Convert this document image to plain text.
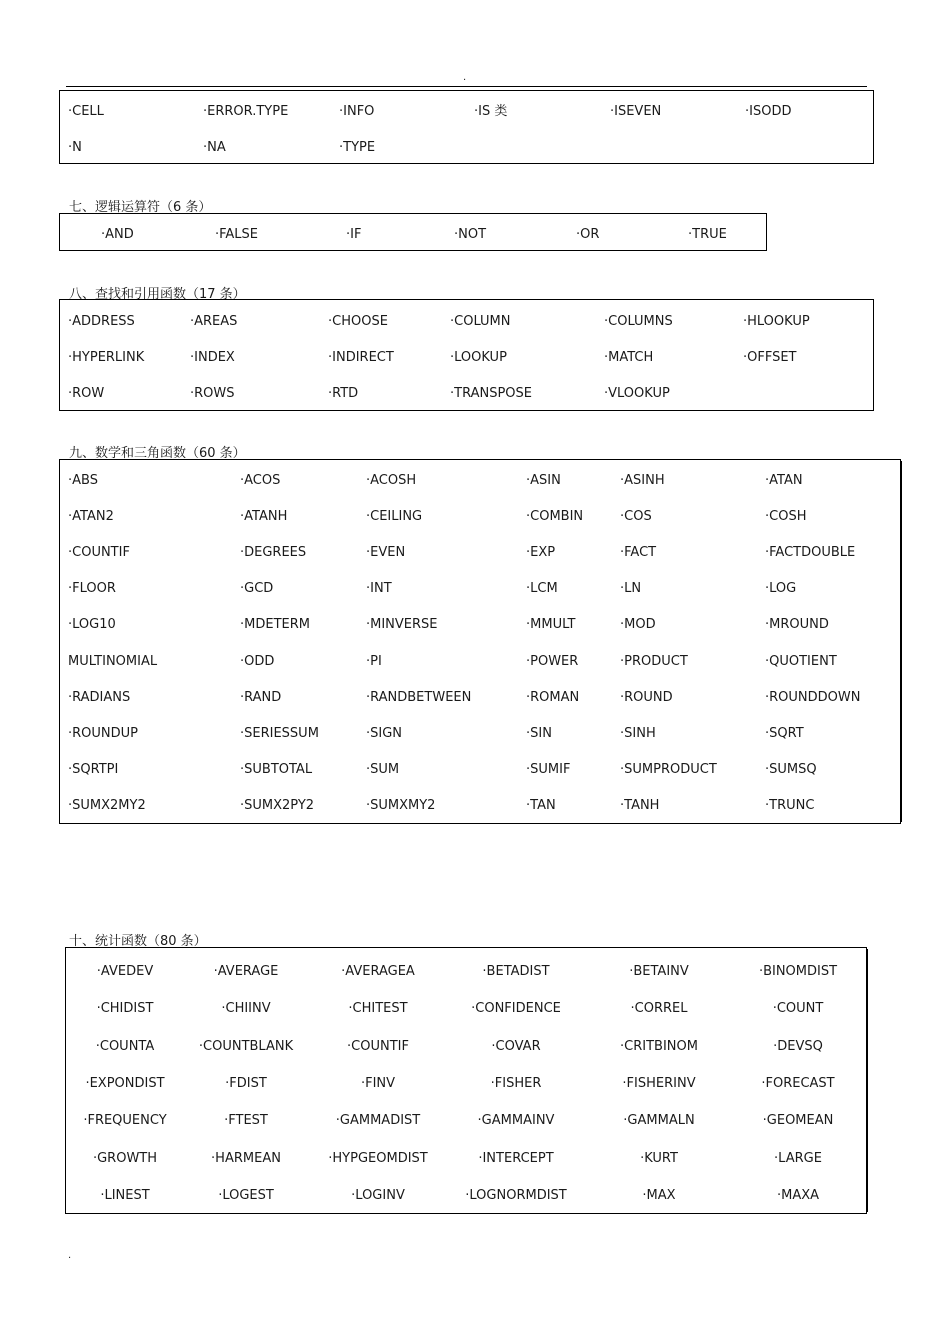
.
七、逻辑运算符（6 条）
八、查找和引用函数（17 条）
九、数学和三角函数（60 条）
十、统计函数（80 条）
.
·CELL	·ERROR.TYPE	·INFO	·IS 类	·ISEVEN	·ISODD
·N	·NA	·TYPE
·AND	·FALSE	·IF	·NOT	·OR	·TRUE
·ADDRESS	·AREAS	·CHOOSE	·COLUMN	·COLUMNS	·HLOOKUP
·HYPERLINK	·INDEX	·INDIRECT	·LOOKUP	·MATCH	·OFFSET
·ROW	·ROWS	·RTD	·TRANSPOSE	·VLOOKUP
·ABS	·ACOS	·ACOSH	·ASIN	·ASINH	·ATAN
·ATAN2	·ATANH	·CEILING	·COMBIN	·COS	·COSH
·COUNTIF	·DEGREES	·EVEN	·EXP	·FACT	·FACTDOUBLE
·FLOOR	·GCD	·INT	·LCM	·LN	·LOG
·LOG10	·MDETERM	·MINVERSE	·MMULT	·MOD	·MROUND
MULTINOMIAL	·ODD	·PI	·POWER	·PRODUCT	·QUOTIENT
·RADIANS	·RAND	·RANDBETWEEN	·ROMAN	·ROUND	·ROUNDDOWN
·ROUNDUP	·SERIESSUM	·SIGN	·SIN	·SINH	·SQRT
·SQRTPI	·SUBTOTAL	·SUM	·SUMIF	·SUMPRODUCT	·SUMSQ
·SUMX2MY2	·SUMX2PY2	·SUMXMY2	·TAN	·TANH	·TRUNC
·AVEDEV	·AVERAGE	·AVERAGEA	·BETADIST	·BETAINV	·BINOMDIST
·CHIDIST	·CHIINV	·CHITEST	·CONFIDENCE	·CORREL	·COUNT
·COUNTA	·COUNTBLANK	·COUNTIF	·COVAR	·CRITBINOM	·DEVSQ
·EXPONDIST	·FDIST	·FINV	·FISHER	·FISHERINV	·FORECAST
·FREQUENCY	·FTEST	·GAMMADIST	·GAMMAINV	·GAMMALN	·GEOMEAN
·GROWTH	·HARMEAN	·HYPGEOMDIST	·INTERCEPT	·KURT	·LARGE
·LINEST	·LOGEST	·LOGINV	·LOGNORMDIST	·MAX	·MAXA
